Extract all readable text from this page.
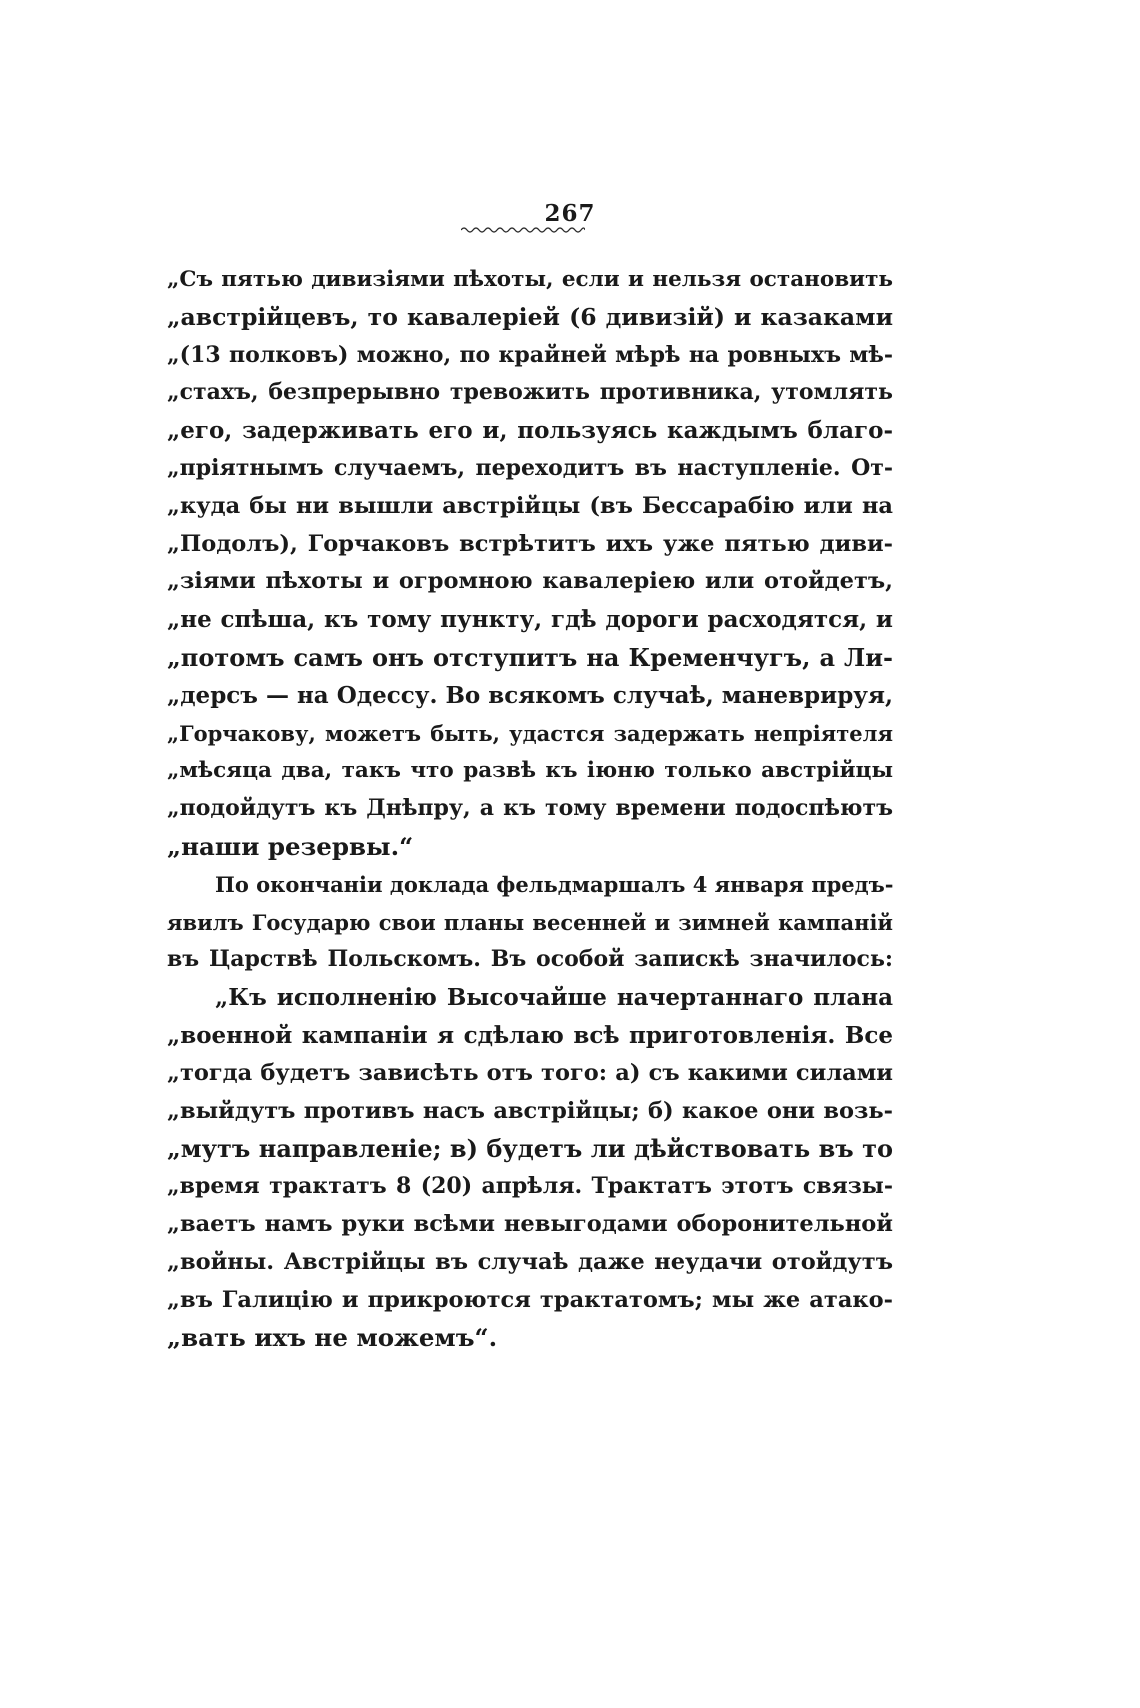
267
„Съ пятью дивизіями пѣхоты, если и нельзя остановить
„австрійцевъ, то кавалеріей (6 дивизій) и казаками
„(13 полковъ) можно, по крайней мѣрѣ на ровныхъ мѣ-
„стахъ, безпрерывно тревожить противника, утомлять
„его, задерживать его и, пользуясь каждымъ благо-
„пріятнымъ случаемъ, переходитъ въ наступленіе. От-
„куда бы ни вышли австрійцы (въ Бессарабію или на
„Подолъ), Горчаковъ встрѣтитъ ихъ уже пятью диви-
„зіями пѣхоты и огромною кавалеріею или отойдетъ,
„не спѣша, къ тому пункту, гдѣ дороги расходятся, и
„потомъ самъ онъ отступитъ на Кременчугъ, а Ли-
„дерсъ — на Одессу. Во всякомъ случаѣ, маневрируя,
„Горчакову, можетъ быть, удастся задержать непріятеля
„мѣсяца два, такъ что развѣ къ іюню только австрійцы
„подойдутъ къ Днѣпру, а къ тому времени подоспѣютъ
„наши резервы.“
По окончаніи доклада фельдмаршалъ 4 января предъ-
явилъ Государю свои планы весенней и зимней кампаній
въ Царствѣ Польскомъ. Въ особой запискѣ значилось:
„Къ исполненію Высочайше начертаннаго плана
„военной кампаніи я сдѣлаю всѣ приготовленія. Все
„тогда будетъ зависѣть отъ того: а) съ какими силами
„выйдутъ противъ насъ австрійцы; б) какое они возь-
„мутъ направленіе; в) будетъ ли дѣйствовать въ то
„время трактатъ 8 (20) апрѣля. Трактатъ этотъ связы-
„ваетъ намъ руки всѣми невыгодами оборонительной
„войны. Австрійцы въ случаѣ даже неудачи отойдутъ
„въ Галицію и прикроются трактатомъ; мы же атако-
„вать ихъ не можемъ“.
